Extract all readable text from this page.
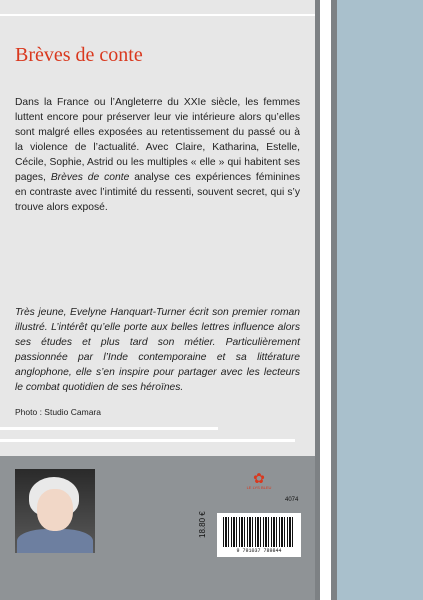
Brèves de conte

Dans la France ou l’Angleterre du XXIe siècle, les femmes luttent encore pour préserver leur vie intérieure alors qu’elles sont malgré elles exposées au retentissement du passé ou à la violence de l’actualité. Avec Claire, Katharina, Estelle, Cécile, Sophie, Astrid ou les multiples « elle » qui habitent ses pages, Brèves de conte analyse ces expériences féminines en contraste avec l’intimité du ressenti, souvent secret, qui s’y trouve alors exposé.

Très jeune, Evelyne Hanquart-Turner écrit son premier roman illustré. L’intérêt qu’elle porte aux belles lettres influence alors ses études et plus tard son métier. Particulièrement passionnée par l’Inde contemporaine et sa littérature anglophone, elle s’en inspire pour partager avec les lecteurs le combat quotidien de ses héroïnes.

Photo : Studio Camara
✿
LE LYS BLEU
4074
18.80 €
9 791037 789844
